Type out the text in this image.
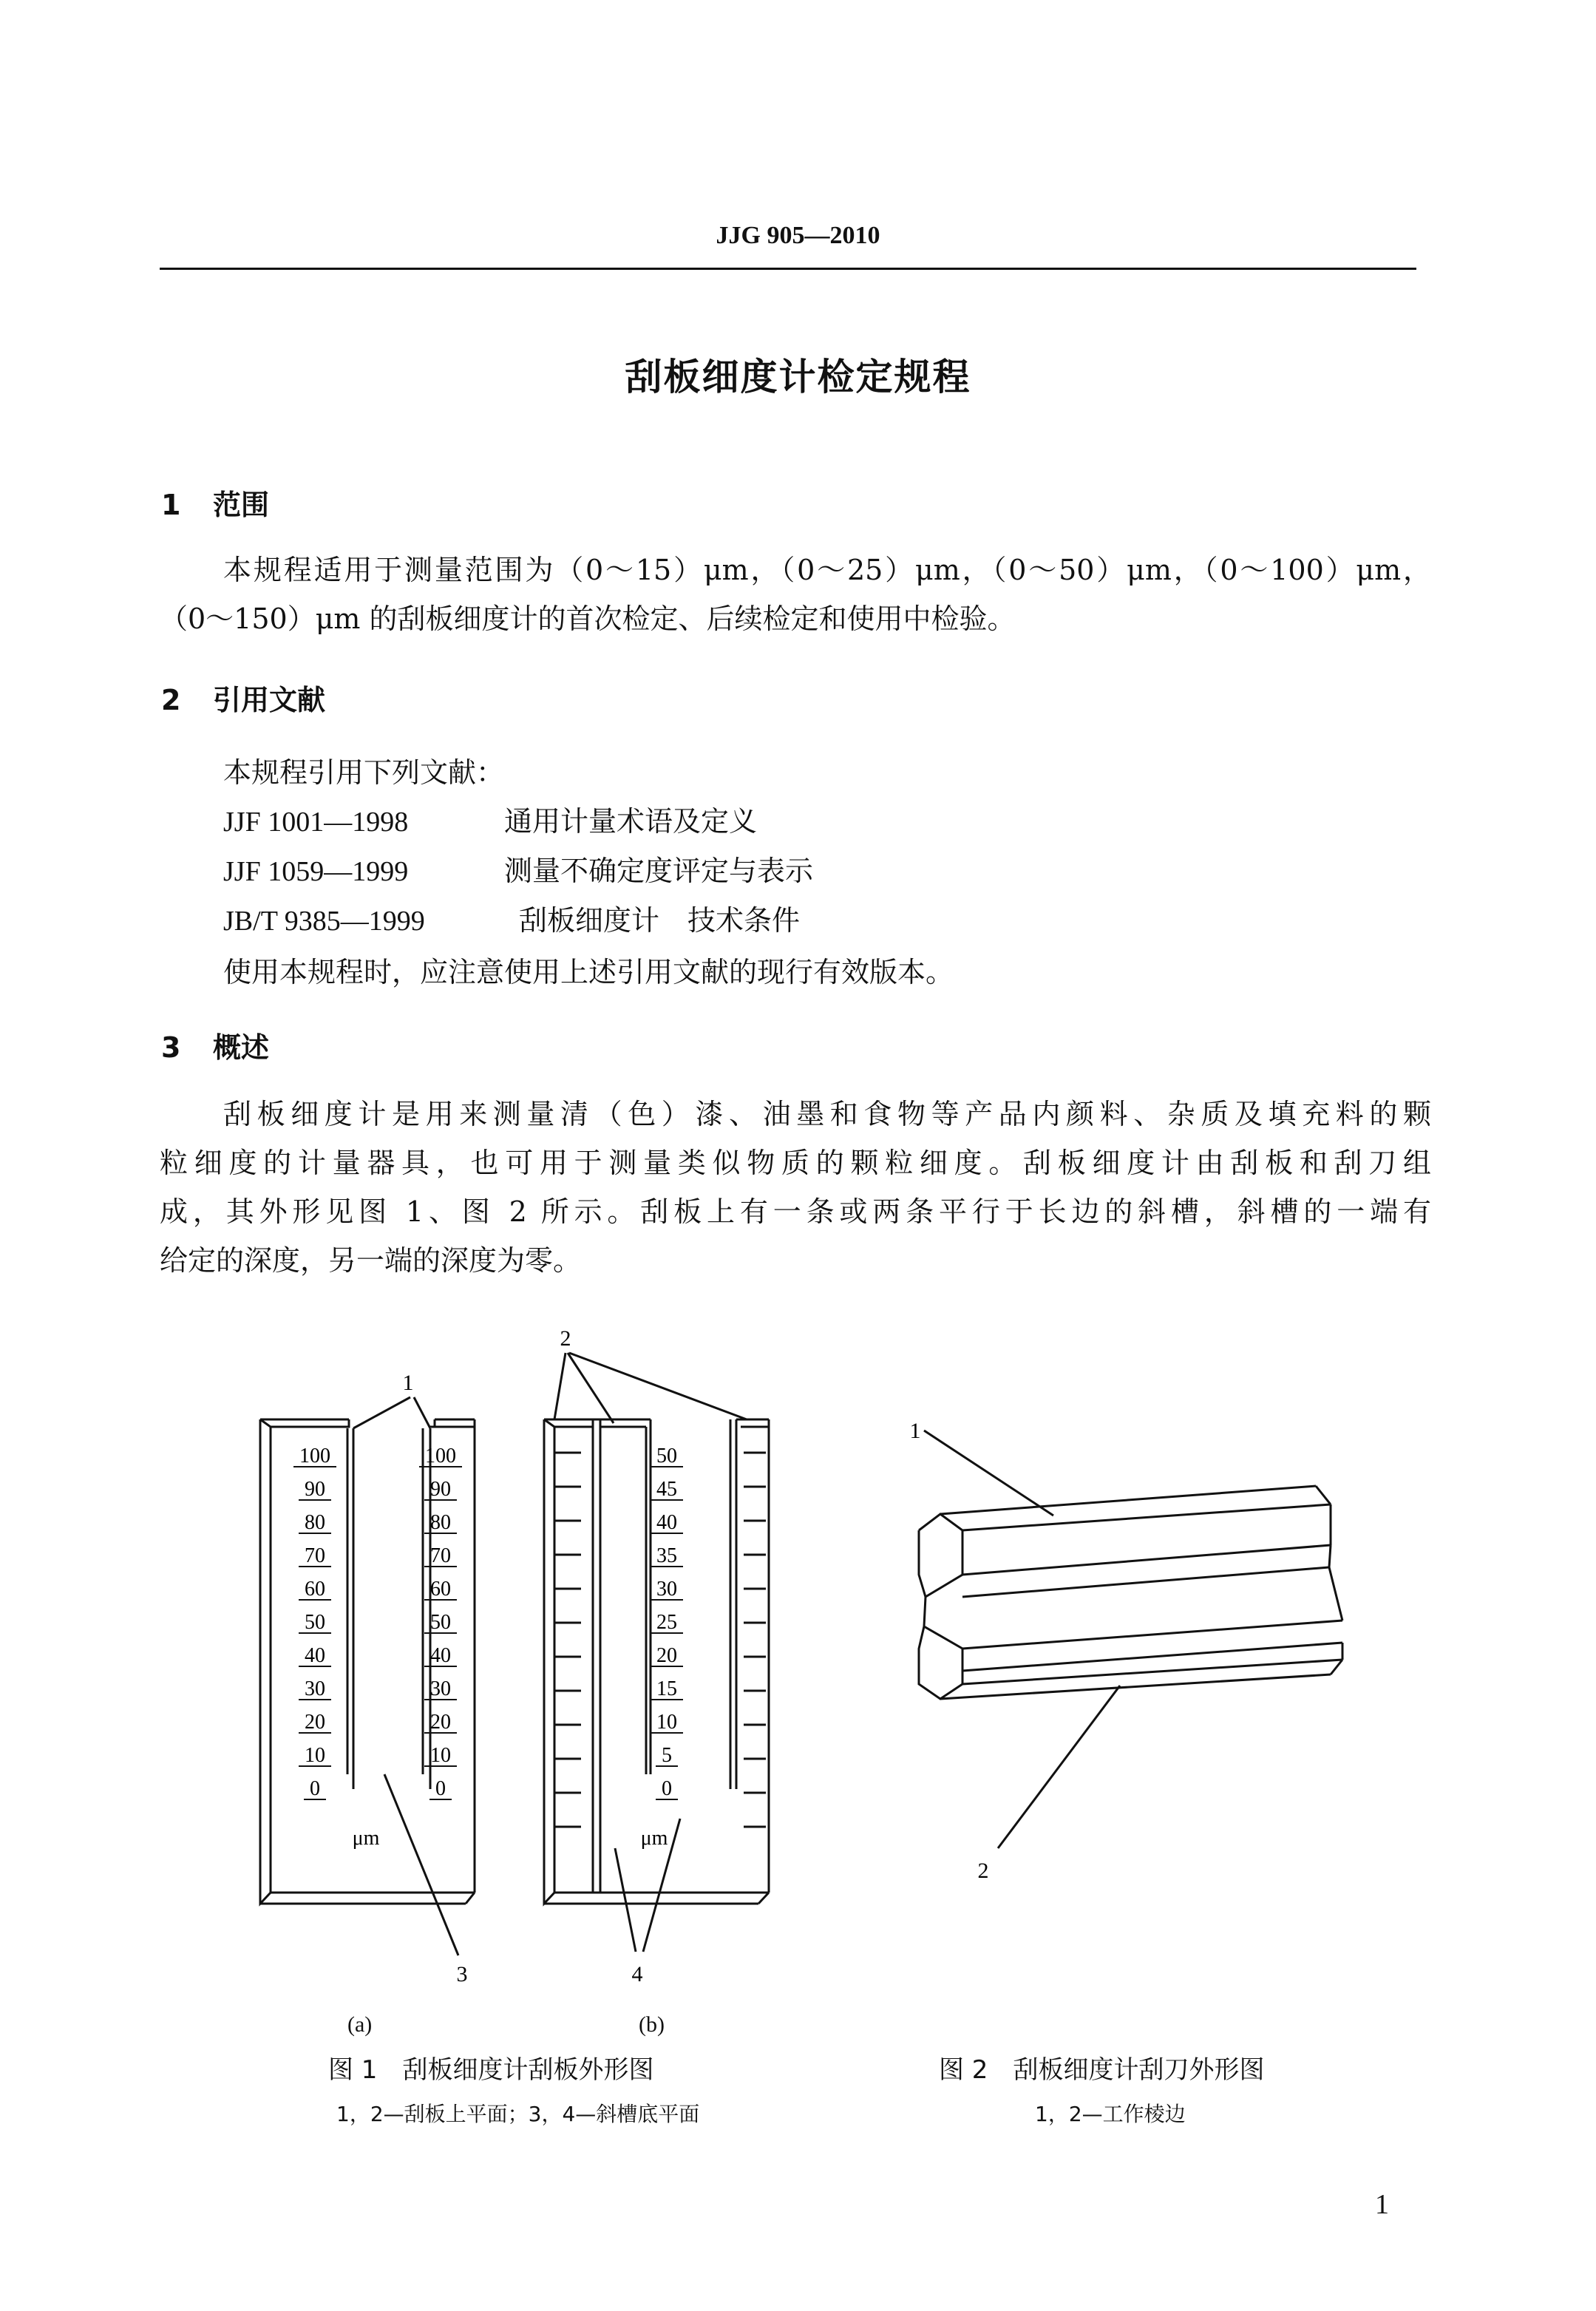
JJG 905—2010
刮板细度计检定规程
1 范围
本规程适用于测量范围为（0～15）μm，（0～25）μm，（0～50）μm，（0～100）μm，
（0～150）μm 的刮板细度计的首次检定、后续检定和使用中检验。
2 引用文献
本规程引用下列文献：
JJF 1001—1998	通用计量术语及定义
JJF 1059—1999	测量不确定度评定与表示
JB/T 9385—1999	刮板细度计　技术条件
使用本规程时，应注意使用上述引用文献的现行有效版本。
3 概述
刮板细度计是用来测量清（色）漆、油墨和食物等产品内颜料、杂质及填充料的颗
粒细度的计量器具，也可用于测量类似物质的颗粒细度。刮板细度计由刮板和刮刀组
成，其外形见图 1、图 2 所示。刮板上有一条或两条平行于长边的斜槽，斜槽的一端有
给定的深度，另一端的深度为零。
1
3
μm
100
90
80
70
60
50
40
30
20
10
0
100
90
80
70
60
50
40
30
20
10
0
2
4
μm
50
45
40
35
30
25
20
15
10
5
0
1
2
(a)	(b)
图 1　刮板细度计刮板外形图
1，2—刮板上平面；3，4—斜槽底平面
图 2　刮板细度计刮刀外形图
1，2—工作棱边
1
